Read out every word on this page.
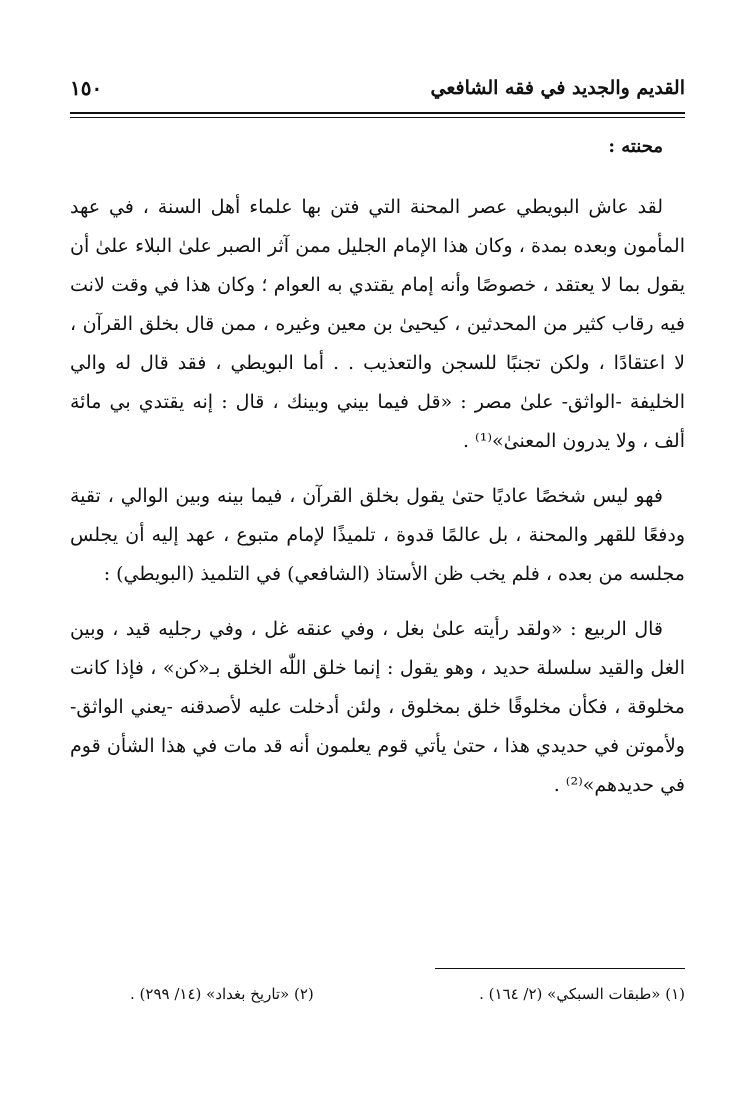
القديم والجديد في فقه الشافعي
١٥٠
محنته :

لقد عاش البويطي عصر المحنة التي فتن بها علماء أهل السنة ، في عهد المأمون وبعده بمدة ، وكان هذا الإمام الجليل ممن آثر الصبر علىٰ البلاء علىٰ أن يقول بما لا يعتقد ، خصوصًا وأنه إمام يقتدي به العوام ؛ وكان هذا في وقت لانت فيه رقاب كثير من المحدثين ، كيحيىٰ بن معين وغيره ، ممن قال بخلق القرآن ، لا اعتقادًا ، ولكن تجنبًا للسجن والتعذيب . . أما البويطي ، فقد قال له والي الخليفة -الواثق- علىٰ مصر : «قل فيما بيني وبينك ، قال : إنه يقتدي بي مائة ألف ، ولا يدرون المعنىٰ»⁽¹⁾ .

فهو ليس شخصًا عاديًا حتىٰ يقول بخلق القرآن ، فيما بينه وبين الوالي ، تقية ودفعًا للقهر والمحنة ، بل عالمًا قدوة ، تلميذًا لإمام متبوع ، عهد إليه أن يجلس مجلسه من بعده ، فلم يخب ظن الأستاذ (الشافعي) في التلميذ (البويطي) :

قال الربيع : «ولقد رأيته علىٰ بغل ، وفي عنقه غل ، وفي رجليه قيد ، وبين الغل والقيد سلسلة حديد ، وهو يقول : إنما خلق اللّٰه الخلق بـ«كن» ، فإذا كانت مخلوقة ، فكأن مخلوقًا خلق بمخلوق ، ولئن أدخلت عليه لأصدقنه -يعني الواثق- ولأموتن في حديدي هذا ، حتىٰ يأتي قوم يعلمون أنه قد مات في هذا الشأن قوم في حديدهم»⁽²⁾ .

(١) «طبقات السبكي» (٢/ ١٦٤) .
(٢) «تاريخ بغداد» (١٤/ ٢٩٩) .
